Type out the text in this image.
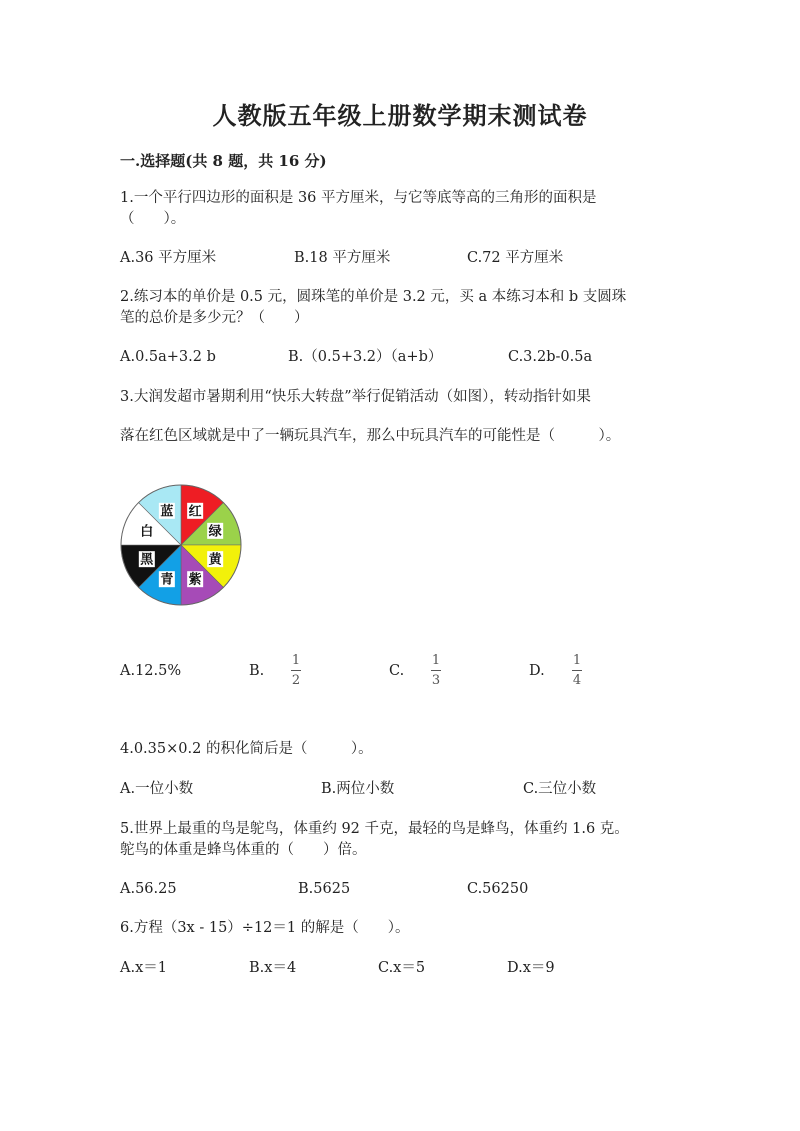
人教版五年级上册数学期末测试卷
一.选择题(共 8 题，共 16 分)
1.一个平行四边形的面积是 36 平方厘米，与它等底等高的三角形的面积是
（　　）。
A.36 平方厘米	B.18 平方厘米	C.72 平方厘米
2.练习本的单价是 0.5 元，圆珠笔的单价是 3.2 元，买 a 本练习本和 b 支圆珠
笔的总价是多少元？（　　）
A.0.5a+3.2 b	B.（0.5+3.2）（a+b）	C.3.2b-0.5a
3.大润发超市暑期利用“快乐大转盘”举行促销活动（如图），转动指针如果
落在红色区域就是中了一辆玩具汽车，那么中玩具汽车的可能性是（　　　）。
红
绿
黄
紫
青
黑
白
蓝
A.12.5%	B.
1
2
C.
1
3
D.
1
4
4.0.35×0.2 的积化简后是（　　　）。
A.一位小数	B.两位小数	C.三位小数
5.世界上最重的鸟是鸵鸟，体重约 92 千克，最轻的鸟是蜂鸟，体重约 1.6 克。
鸵鸟的体重是蜂鸟体重的（　　）倍。
A.56.25	B.5625	C.56250
6.方程（3x - 15）÷12＝1 的解是（　　）。
A.x＝1	B.x＝4	C.x＝5	D.x＝9
